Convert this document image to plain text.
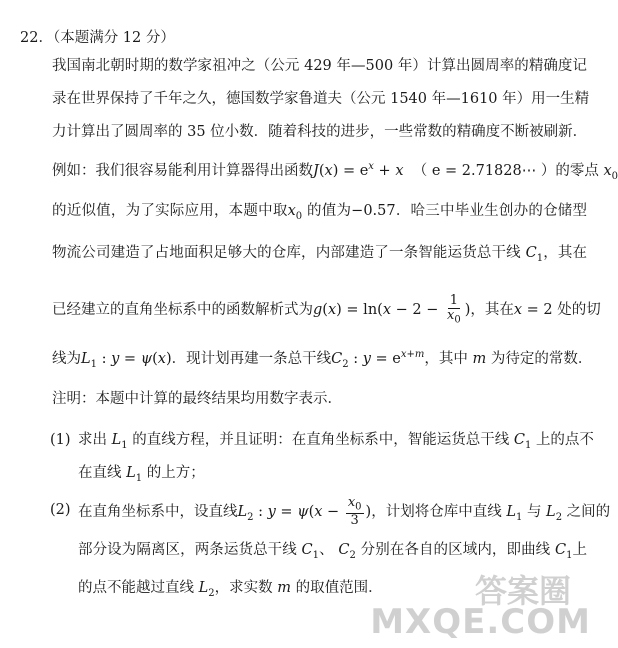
22．（本题满分 12 分）
我国南北朝时期的数学家祖冲之（公元 429 年—500 年）计算出圆周率的精确度记
录在世界保持了千年之久，德国数学家鲁道夫（公元 1540 年—1610 年）用一生精
力计算出了圆周率的 35 位小数．随着科技的进步，一些常数的精确度不断被刷新．
例如：我们很容易能利用计算器得出函数$J(x) = e^x + x$  （ e = 2.71828⋯ ）的零点 $x_0$
的近似值，为了实际应用，本题中取$x_0$ 的值为−0.57．哈三中毕业生创办的仓储型
物流公司建造了占地面积足够大的仓库，内部建造了一条智能运货总干线 $C_1$，其在
已经建立的直角坐标系中的函数解析式为$g(x) = \ln(x - 2 - \frac{1}{x_0}$ )，其在x = 2 处的切
线为$L_1$ : y = ψ(x)．现计划再建一条总干线$C_2$ : $y = e^{x+m}$，其中 m 为待定的常数．
注明：本题中计算的最终结果均用数字表示．
(1) 求出 $L_1$ 的直线方程，并且证明：在直角坐标系中，智能运货总干线 $C_1$ 上的点不
在直线 $L_1$ 的上方；
(2) 在直角坐标系中，设直线$L_2$ : $y = \psi(x - \frac{x_0}{3}$ )，计划将仓库中直线 $L_1$ 与 $L_2$ 之间的
部分设为隔离区，两条运货总干线 $C_1$、 $C_2$ 分别在各自的区域内，即曲线 $C_1$上
的点不能越过直线 $L_2$，求实数 m 的取值范围．	答案圈
MXQE.COM
